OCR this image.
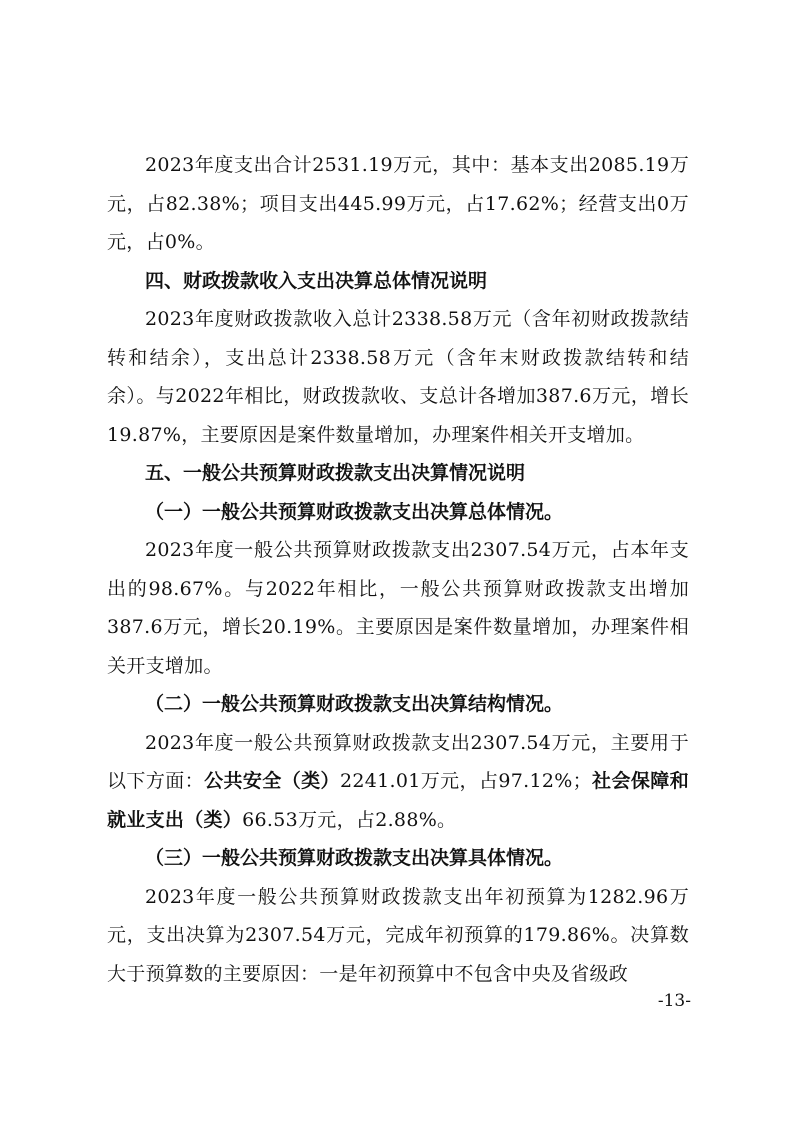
2023年度支出合计2531.19万元，其中：基本支出2085.19万元，占82.38%；项目支出445.99万元，占17.62%；经营支出0万元，占0%。

四、财政拨款收入支出决算总体情况说明

2023年度财政拨款收入总计2338.58万元（含年初财政拨款结转和结余），支出总计2338.58万元（含年末财政拨款结转和结余）。与2022年相比，财政拨款收、支总计各增加387.6万元，增长19.87%，主要原因是案件数量增加，办理案件相关开支增加。

五、一般公共预算财政拨款支出决算情况说明

（一）一般公共预算财政拨款支出决算总体情况。

2023年度一般公共预算财政拨款支出2307.54万元，占本年支出的98.67%。与2022年相比，一般公共预算财政拨款支出增加387.6万元，增长20.19%。主要原因是案件数量增加，办理案件相关开支增加。

（二）一般公共预算财政拨款支出决算结构情况。

2023年度一般公共预算财政拨款支出2307.54万元，主要用于以下方面：公共安全（类）2241.01万元，占97.12%；社会保障和就业支出（类）66.53万元，占2.88%。

（三）一般公共预算财政拨款支出决算具体情况。

2023年度一般公共预算财政拨款支出年初预算为1282.96万元，支出决算为2307.54万元，完成年初预算的179.86%。决算数大于预算数的主要原因：一是年初预算中不包含中央及省级政

-13-
